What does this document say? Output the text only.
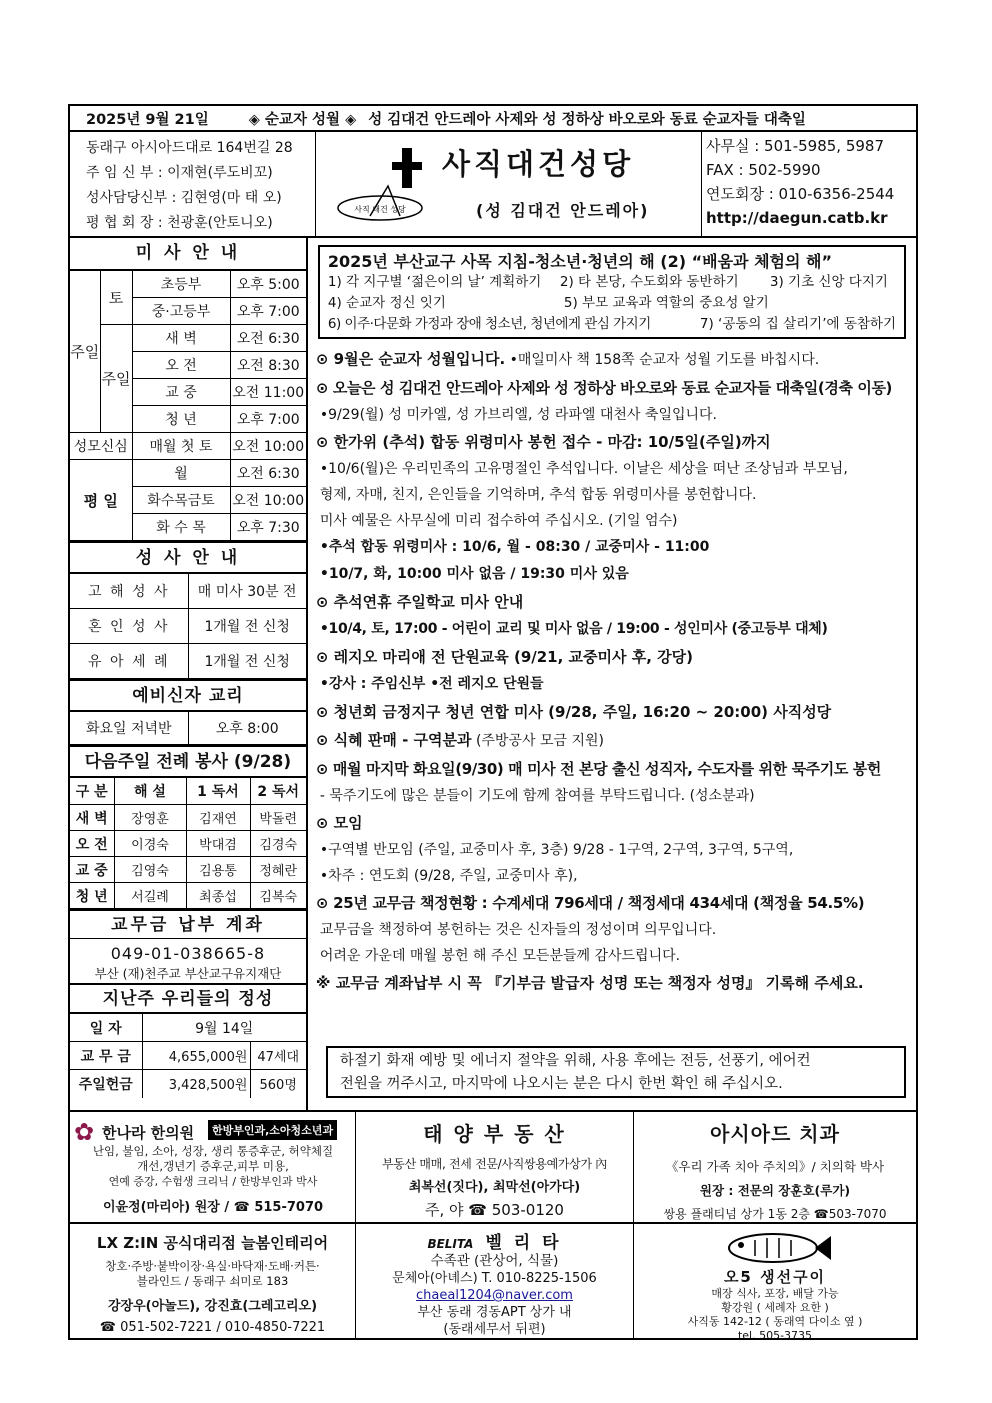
2025년 9월 21일	◈ 순교자 성월 ◈ 성 김대건 안드레아 사제와 성 정하상 바오로와 동료 순교자들 대축일
동래구 아시아드대로 164번길 28
주 임 신 부 : 이재현(루도비꼬)
성사담당신부 : 김현영(마 태 오)
평 협 회 장 : 천광훈(안토니오)
사직 대건 성당
사직대건성당
(성 김대건 안드레아)
사무실 : 501-5985, 5987
FAX : 502-5990
연도회장 : 010-6356-2544
http://daegun.catb.kr
미 사 안 내
주일	토	초등부	오후 5:00
		중·고등부	오후 7:00
	주일	새 벽	오전 6:30
		오 전	오전 8:30
		교 중	오전 11:00
		청 년	오후 7:00
성모신심		매월 첫 토	오전 10:00
평 일		월	오전 6:30
		화수목금토	오전 10:00
		화 수 목	오후 7:30
성 사 안 내
고 해 성 사	매 미사 30분 전
혼 인 성 사	1개월 전 신청
유 아 세 례	1개월 전 신청
예비신자 교리
화요일 저녁반	오후 8:00
다음주일 전례 봉사 (9/28)
구 분	해 설	1 독서	2 독서
새 벽	장영훈	김재연	박돌련
오 전	이경숙	박대겸	김경숙
교 중	김영숙	김용통	정혜란
청 년	서길례	최종섭	김복숙
교무금 납부 계좌
049-01-038665-8
부산 (재)천주교 부산교구유지재단
지난주 우리들의 정성
일 자	9월 14일	
교 무 금	4,655,000원	47세대
주일헌금	3,428,500원	560명
2025년 부산교구 사목 지침-청소년·청년의 해 (2) “배움과 체험의 해”
1) 각 지구별 ‘젊은이의 날’ 계획하기	2) 타 본당, 수도회와 동반하기	3) 기초 신앙 다지기
4) 순교자 정신 잇기	5) 부모 교육과 역할의 중요성 알기
6) 이주·다문화 가정과 장애 청소년, 청년에게 관심 가지기	7) ‘공동의 집 살리기’에 동참하기
⊙ 9월은 순교자 성월입니다. •매일미사 책 158쪽 순교자 성월 기도를 바칩시다.
⊙ 오늘은 성 김대건 안드레아 사제와 성 정하상 바오로와 동료 순교자들 대축일(경축 이동)
•9/29(월) 성 미카엘, 성 가브리엘, 성 라파엘 대천사 축일입니다.
⊙ 한가위 (추석) 합동 위령미사 봉헌 접수 - 마감: 10/5일(주일)까지
•10/6(월)은 우리민족의 고유명절인 추석입니다. 이날은 세상을 떠난 조상님과 부모님,
형제, 자매, 친지, 은인들을 기억하며, 추석 합동 위령미사를 봉헌합니다.
미사 예물은 사무실에 미리 접수하여 주십시오. (기일 엄수)
•추석 합동 위령미사 : 10/6, 월 - 08:30 / 교중미사 - 11:00
•10/7, 화, 10:00 미사 없음 / 19:30 미사 있음
⊙ 추석연휴 주일학교 미사 안내
•10/4, 토, 17:00 - 어린이 교리 및 미사 없음 / 19:00 - 성인미사 (중고등부 대체)
⊙ 레지오 마리애 전 단원교육 (9/21, 교중미사 후, 강당)
•강사 : 주임신부 •전 레지오 단원들
⊙ 청년회 금정지구 청년 연합 미사 (9/28, 주일, 16:20 ~ 20:00) 사직성당
⊙ 식혜 판매 - 구역분과 (주방공사 모금 지원)
⊙ 매월 마지막 화요일(9/30) 매 미사 전 본당 출신 성직자, 수도자를 위한 묵주기도 봉헌
- 묵주기도에 많은 분들이 기도에 함께 참여를 부탁드립니다. (성소분과)
⊙ 모임
•구역별 반모임 (주일, 교중미사 후, 3층) 9/28 - 1구역, 2구역, 3구역, 5구역,
•차주 : 연도회 (9/28, 주일, 교중미사 후),
⊙ 25년 교무금 책정현황 : 수계세대 796세대 / 책정세대 434세대 (책정율 54.5%)
교무금을 책정하여 봉헌하는 것은 신자들의 정성이며 의무입니다.
어려운 가운데 매월 봉헌 해 주신 모든분들께 감사드립니다.
※ 교무금 계좌납부 시 꼭 『기부금 발급자 성명 또는 책정자 성명』 기록해 주세요.
하절기 화재 예방 및 에너지 절약을 위해, 사용 후에는 전등, 선풍기, 에어컨
전원을 꺼주시고, 마지막에 나오시는 분은 다시 한번 확인 해 주십시오.
✿ 한나라 한의원	한방부인과,소아청소년과
난임, 불임, 소아, 성장, 생리 통증후군, 허약체질
개선,갱년기 증후군,피부 미용,
연예 증강, 수험생 크리닉 / 한방부인과 박사
이윤정(마리아) 원장 / ☎ 515-7070
태 양 부 동 산
부동산 매매, 전세 전문/사직쌍용예가상가 內
최복선(짓다), 최막선(아가다)
주, 야 ☎ 503-0120
아시아드 치과
《우리 가족 치아 주치의》/ 치의학 박사
원장 : 전문의 장훈호(루가)
쌍용 플래티넘 상가 1동 2층 ☎503-7070
LX Z:IN 공식대리점 늘봄인테리어
창호·주방·붙박이장·욕실·바닥재·도배·커튼·
블라인드 / 동래구 쇠미로 183
강장우(아놀드), 강진효(그레고리오)
☎ 051-502-7221 / 010-4850-7221
BELITA 벨 리 타
수족관 (관상어, 식물)
문체아(아녜스) T. 010-8225-1506
chaeal1204@naver.com
부산 동래 경동APT 상가 내
(동래세무서 뒤편)
오5 생선구이
매장 식사, 포장, 배달 가능
황강원 ( 세례자 요한 )
사직동 142-12 ( 동래역 다이소 옆 )
tel. 505-3735
